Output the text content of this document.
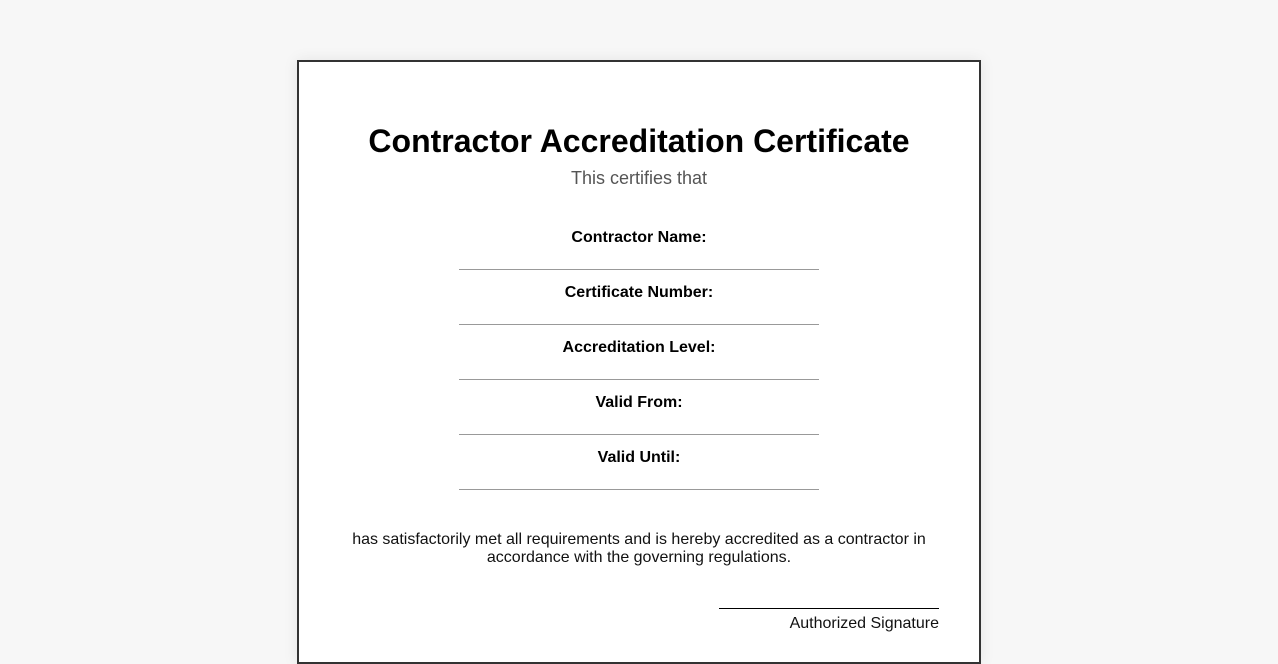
Contractor Accreditation Certificate

This certifies that

Contractor Name:
Certificate Number:
Accreditation Level:
Valid From:
Valid Until:

has satisfactorily met all requirements and is hereby accredited as a contractor in accordance with the governing regulations.

Authorized Signature
